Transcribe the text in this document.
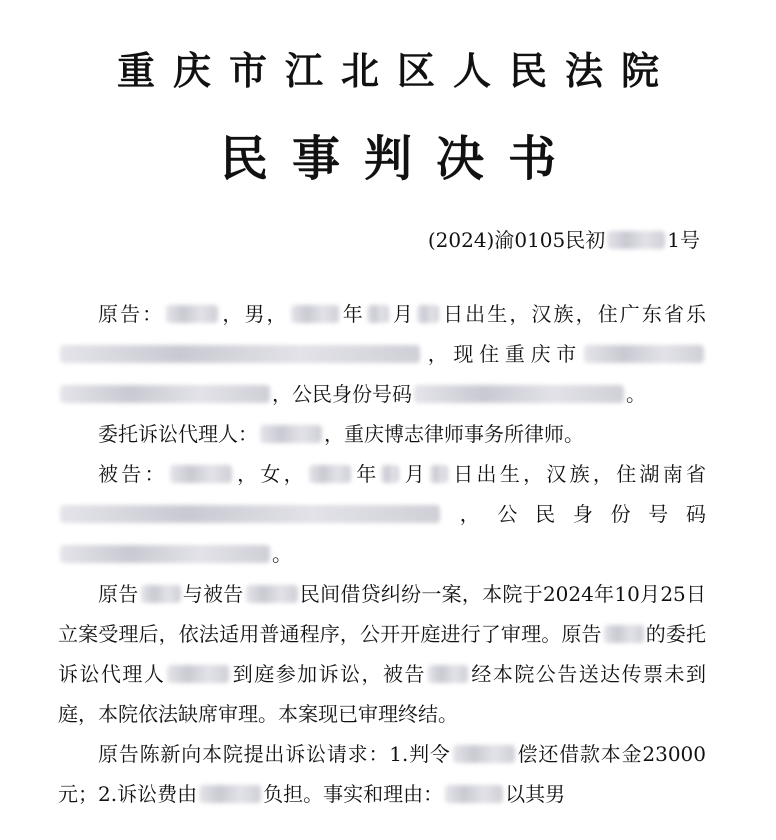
重庆市江北区人民法院
民事判决书
(2024)渝0105民初	1号

原告：	，男，	年 月 日出生，汉族，住广东省乐，现住重庆市，公民身份号码	。

委托诉讼代理人：	，重庆博志律师事务所律师。

被告：	，女， 年 月 日出生，汉族，住湖南省，公民身份号码。

原告 与被告	民间借贷纠纷一案，本院于2024年10月25日立案受理后，依法适用普通程序，公开开庭进行了审理。原告 的委托诉讼代理人	到庭参加诉讼，被告 经本院公告送达传票未到庭，本院依法缺席审理。本案现已审理终结。

原告陈新向本院提出诉讼请求：1.判令	偿还借款本金23000元；2.诉讼费由	负担。事实和理由：	以其男
